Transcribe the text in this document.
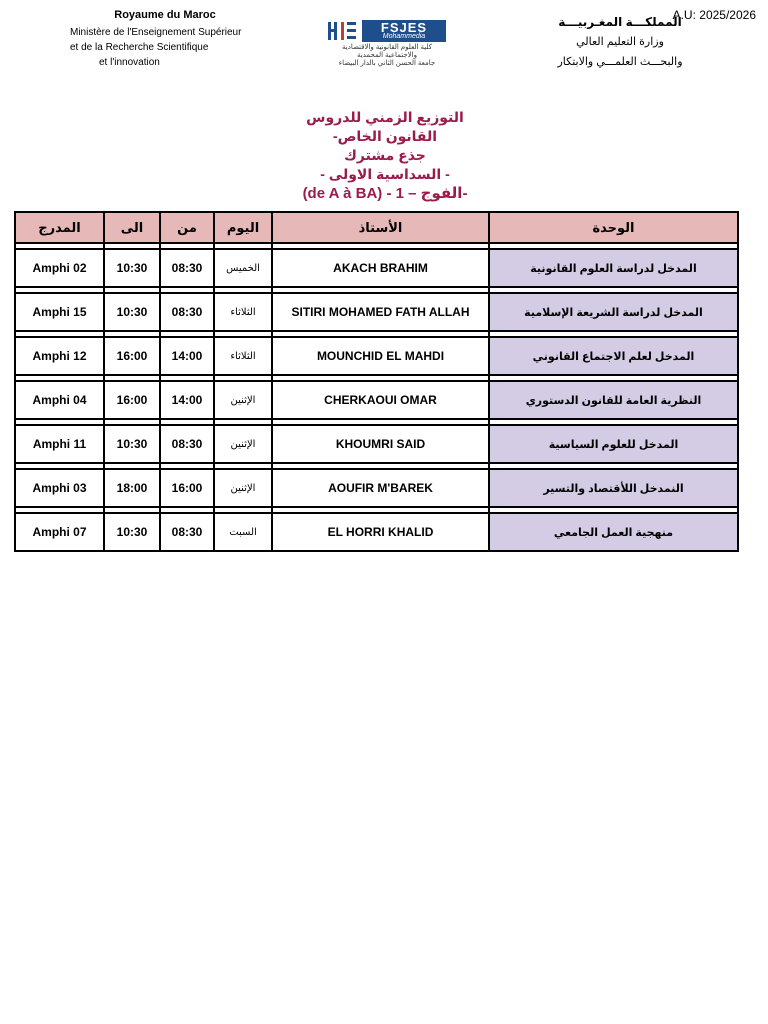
Royaume du Maroc
Ministère de l'Enseignement Supérieur
et de la Recherche Scientifique
et l'innovation
FSJES
Mohammedia
كلية العلوم القانونية والاقتصادية
والاجتماعية المحمدية
جامعة الحسن الثاني بالدار البيضاء
المملكـــة المغـربيـــة
وزارة التعليم العالي
والبحـــث العلمـــي والابتكار
A.U: 2025/2026
التوزيع الزمني للدروس
القانون الخاص-
جذع مشترك
- السداسية الاولى -
(de A à BA) - 1 – الفوج-
المدرج	الى	من	اليوم	الأستاذ	الوحدة

Amphi 02	10:30	08:30	الخميس	AKACH BRAHIM	المدخل لدراسة العلوم القانونية

Amphi 15	10:30	08:30	الثلاثاء	SITIRI MOHAMED FATH ALLAH	المدخل لدراسة الشريعة الإسلامية

Amphi 12	16:00	14:00	الثلاثاء	MOUNCHID EL MAHDI	المدخل لعلم الاجتماع القانوني

Amphi 04	16:00	14:00	الإثنين	CHERKAOUI OMAR	النظرية العامة للقانون الدستوري

Amphi 11	10:30	08:30	الإثنين	KHOUMRI SAID	المدخل للعلوم السياسية

Amphi 03	18:00	16:00	الإثنين	AOUFIR M'BAREK	النمدخل اللأقتصاد والتسير

Amphi 07	10:30	08:30	السبت	EL HORRI KHALID	منهجية العمل الجامعي
